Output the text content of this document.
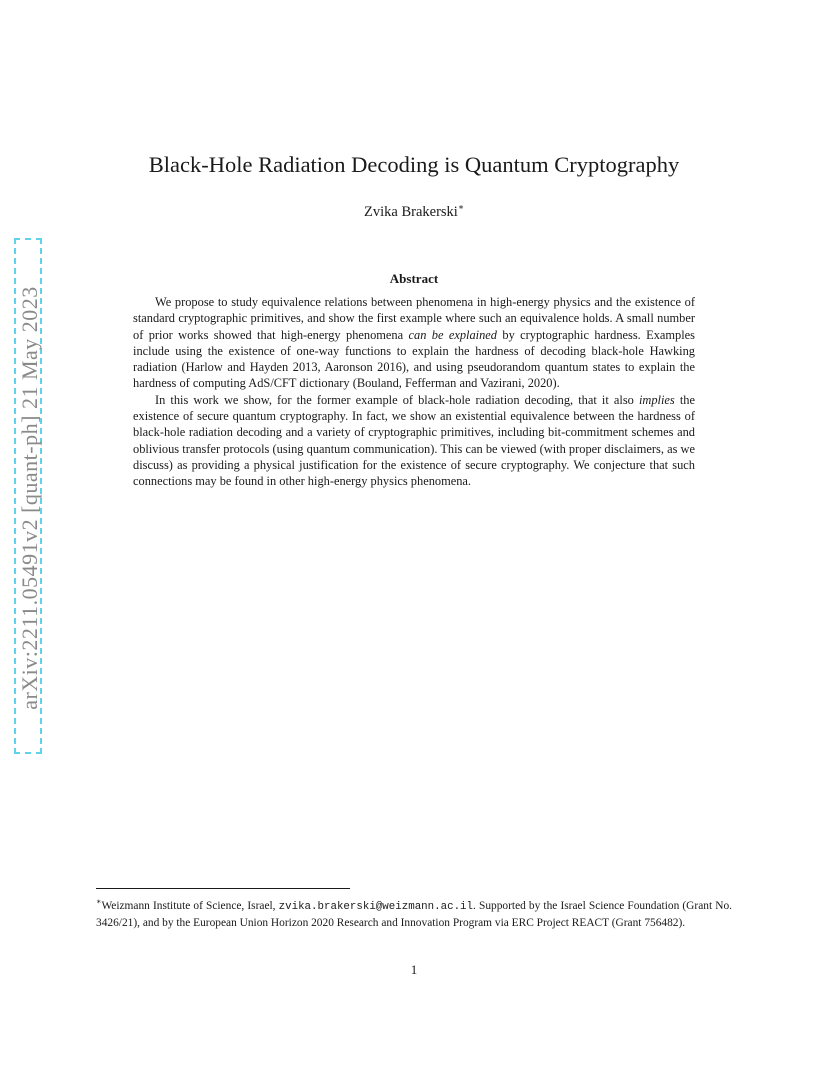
arXiv:2211.05491v2 [quant-ph] 21 May 2023
Black-Hole Radiation Decoding is Quantum Cryptography
Zvika Brakerski∗
Abstract

We propose to study equivalence relations between phenomena in high-energy physics and the existence of standard cryptographic primitives, and show the first example where such an equivalence holds. A small number of prior works showed that high-energy phenomena can be explained by cryptographic hardness. Examples include using the existence of one-way functions to explain the hardness of decoding black-hole Hawking radiation (Harlow and Hayden 2013, Aaronson 2016), and using pseudorandom quantum states to explain the hardness of computing AdS/CFT dictionary (Bouland, Fefferman and Vazirani, 2020).

In this work we show, for the former example of black-hole radiation decoding, that it also implies the existence of secure quantum cryptography. In fact, we show an existential equivalence between the hardness of black-hole radiation decoding and a variety of cryptographic primitives, including bit-commitment schemes and oblivious transfer protocols (using quantum communication). This can be viewed (with proper disclaimers, as we discuss) as providing a physical justification for the existence of secure cryptography. We conjecture that such connections may be found in other high-energy physics phenomena.

∗Weizmann Institute of Science, Israel, zvika.brakerski@weizmann.ac.il. Supported by the Israel Science Foundation (Grant No. 3426/21), and by the European Union Horizon 2020 Research and Innovation Program via ERC Project REACT (Grant 756482).
1
